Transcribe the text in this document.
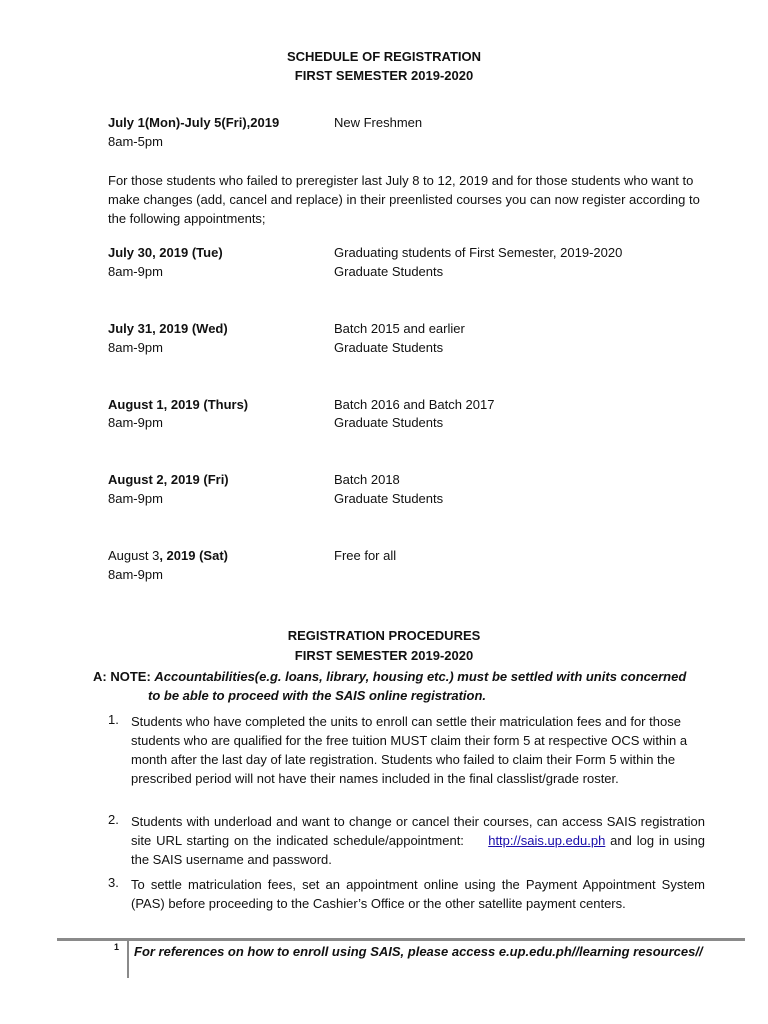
SCHEDULE OF REGISTRATION
FIRST SEMESTER 2019-2020
July 1(Mon)-July 5(Fri),2019
8am-5pm
New Freshmen
For those students who failed to preregister last July 8 to 12, 2019 and for those students who want to make changes (add, cancel and replace) in their preenlisted courses you can now register according to the following appointments;
July 30, 2019 (Tue)
8am-9pm
Graduating students of First Semester, 2019-2020
Graduate Students
July 31, 2019 (Wed)
8am-9pm
Batch 2015 and earlier
Graduate Students
August 1, 2019 (Thurs)
8am-9pm
Batch 2016 and Batch 2017
Graduate Students
August 2, 2019 (Fri)
8am-9pm
Batch 2018
Graduate Students
August 3, 2019 (Sat)
8am-9pm
Free for all
REGISTRATION PROCEDURES
FIRST SEMESTER 2019-2020
A: NOTE: Accountabilities(e.g. loans, library, housing etc.) must be settled with units concerned
to be able to proceed with the SAIS online registration.
1. Students who have completed the units to enroll can settle their matriculation fees and for those students who are qualified for the free tuition MUST claim their form 5 at respective OCS within a month after the last day of late registration. Students who failed to claim their Form 5 within the prescribed period will not have their names included in the final classlist/grade roster.
2. Students with underload and want to change or cancel their courses, can access SAIS registration site URL starting on the indicated schedule/appointment: http://sais.up.edu.ph and log in using the SAIS username and password.
3. To settle matriculation fees, set an appointment online using the Payment Appointment System (PAS) before proceeding to the Cashier’s Office or the other satellite payment centers.
1 For references on how to enroll using SAIS, please access e.up.edu.ph//learning resources//
